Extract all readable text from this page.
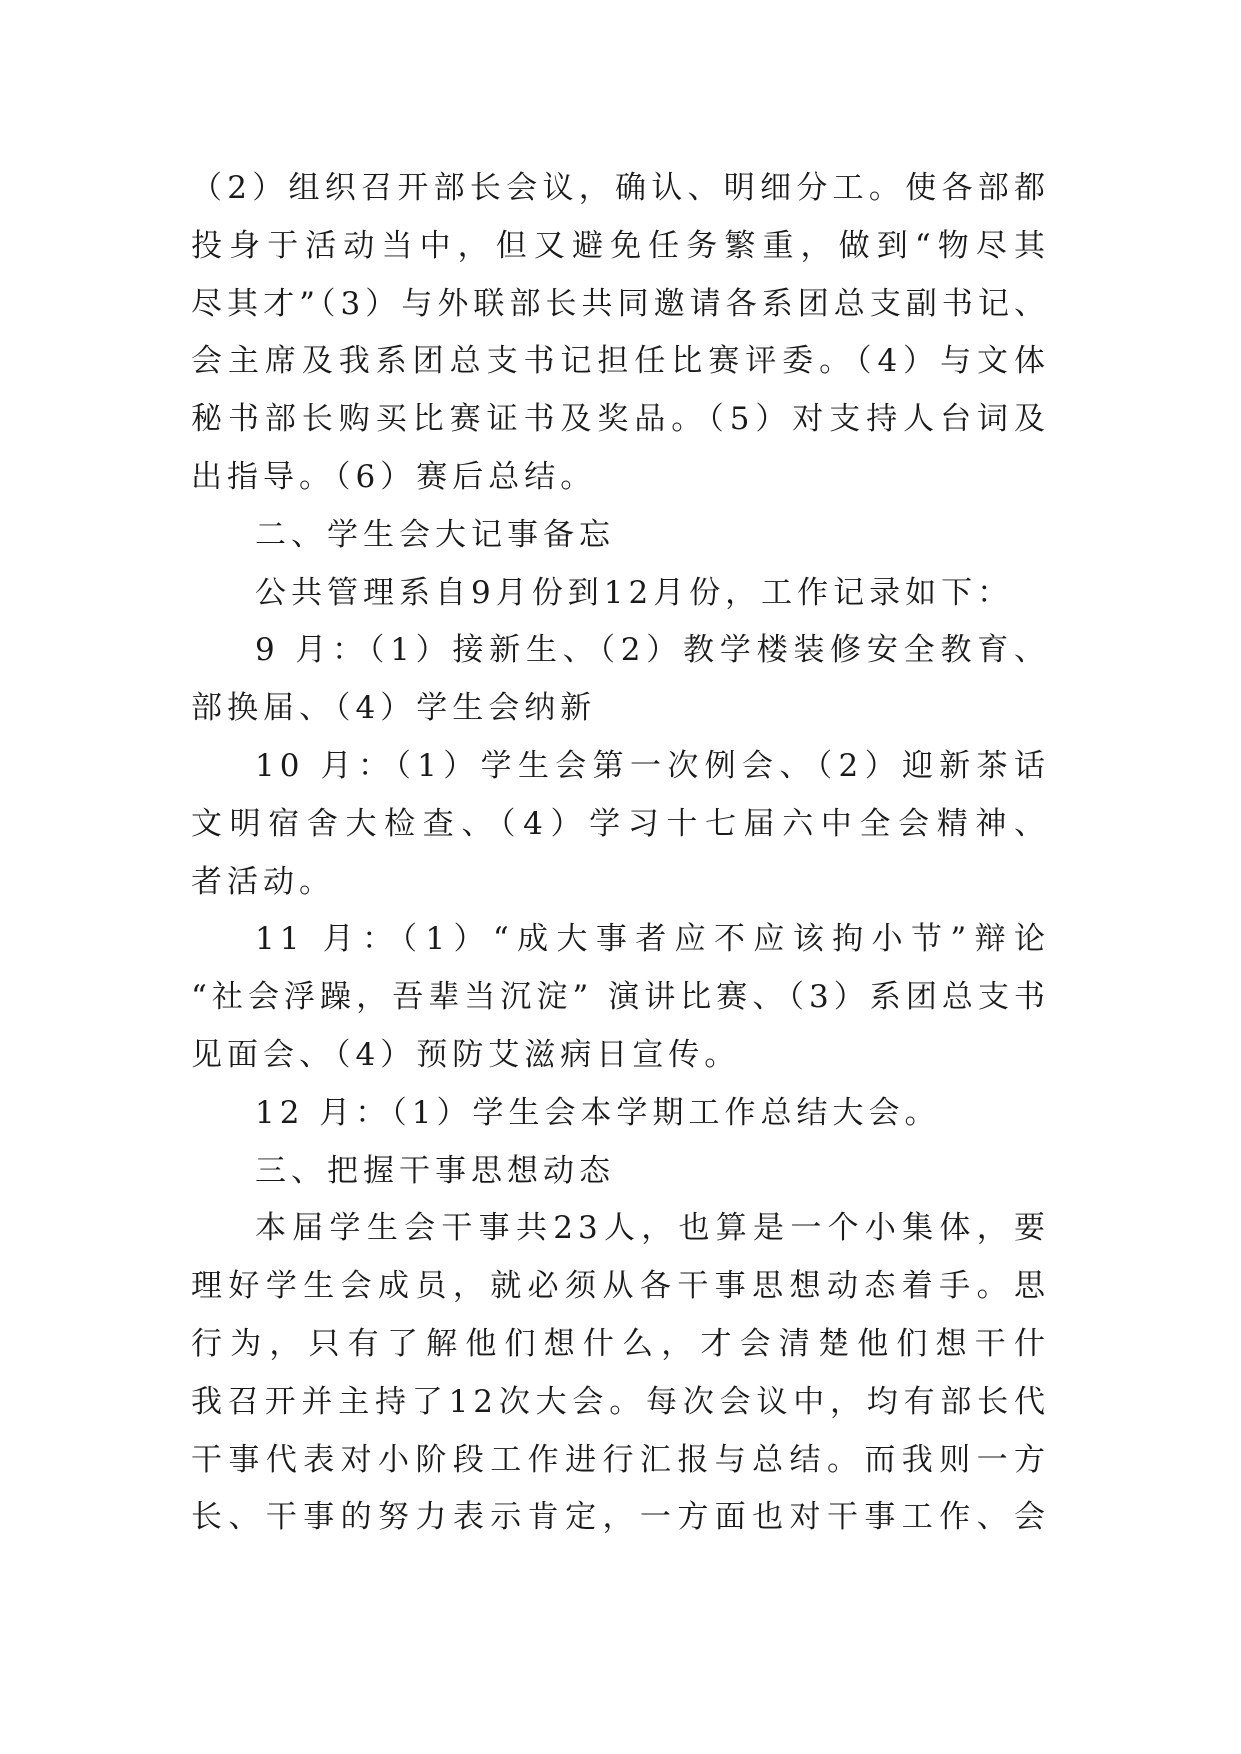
（2）组织召开部长会议，确认、明细分工。使各部都
投身于活动当中，但又避免任务繁重，做到“物尽其
尽其才”（3）与外联部长共同邀请各系团总支副书记、
会主席及我系团总支书记担任比赛评委。（4）与文体
秘书部长购买比赛证书及奖品。（5）对支持人台词及
出指导。（6）赛后总结。
二、学生会大记事备忘
公共管理系自9月份到12月份，工作记录如下：
9 月：（1）接新生、（2）教学楼装修安全教育、
部换届、（4）学生会纳新
10 月：（1）学生会第一次例会、（2）迎新茶话
文明宿舍大检查、（4）学习十七届六中全会精神、
者活动。
11 月：（1）“成大事者应不应该拘小节”辩论
“社会浮躁，吾辈当沉淀” 演讲比赛、（3）系团总支书
见面会、（4）预防艾滋病日宣传。
12 月：（1）学生会本学期工作总结大会。
三、把握干事思想动态
本届学生会干事共23人，也算是一个小集体，要
理好学生会成员，就必须从各干事思想动态着手。思
行为，只有了解他们想什么，才会清楚他们想干什
我召开并主持了12次大会。每次会议中，均有部长代
干事代表对小阶段工作进行汇报与总结。而我则一方
长、干事的努力表示肯定，一方面也对干事工作、会
